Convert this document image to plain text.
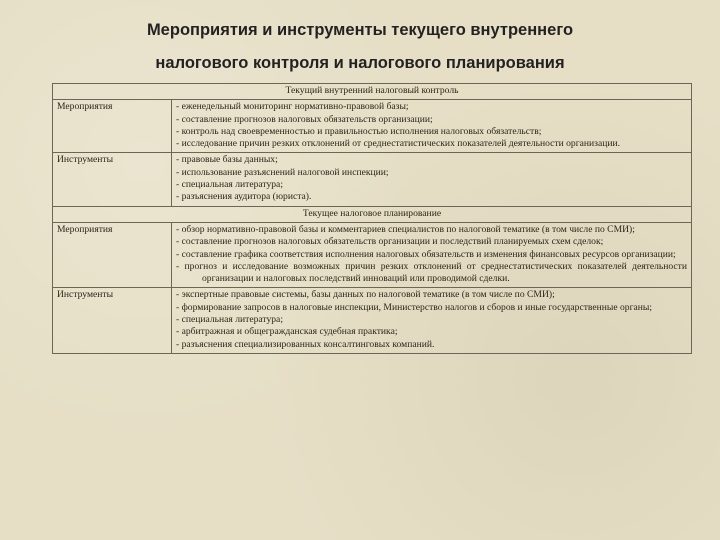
Мероприятия и инструменты текущего внутреннего
налогового контроля и налогового планирования
Текущий внутренний налоговый контроль	
Мероприятия	- еженедельный мониторинг нормативно-правовой базы;
- составление прогнозов налоговых обязательств организации;
- контроль над своевременностью и правильностью исполнения налоговых обязательств;
- исследование причин резких отклонений от среднестатистических показателей деятельности организации.

Инструменты	- правовые базы данных;
- использование разъяснений налоговой инспекции;
- специальная литература;
- разъяснения аудитора (юриста).

Текущее налоговое планирование	
Мероприятия	- обзор нормативно-правовой базы и комментариев специалистов по налоговой тематике (в том числе по СМИ);
- составление прогнозов налоговых обязательств организации и последствий планируемых схем сделок;
- составление графика соответствия исполнения налоговых обязательств и изменения финансовых ресурсов организации;
- прогноз и исследование возможных причин резких отклонений от среднестатистических показателей деятельности организации и налоговых последствий инноваций или проводимой сделки.

Инструменты	- экспертные правовые системы, базы данных по налоговой тематике (в том числе по СМИ);
- формирование запросов в налоговые инспекции, Министерство налогов и сборов и иные государственные органы;
- специальная литература;
- арбитражная и общегражданская судебная практика;
- разъяснения специализированных консалтинговых компаний.
